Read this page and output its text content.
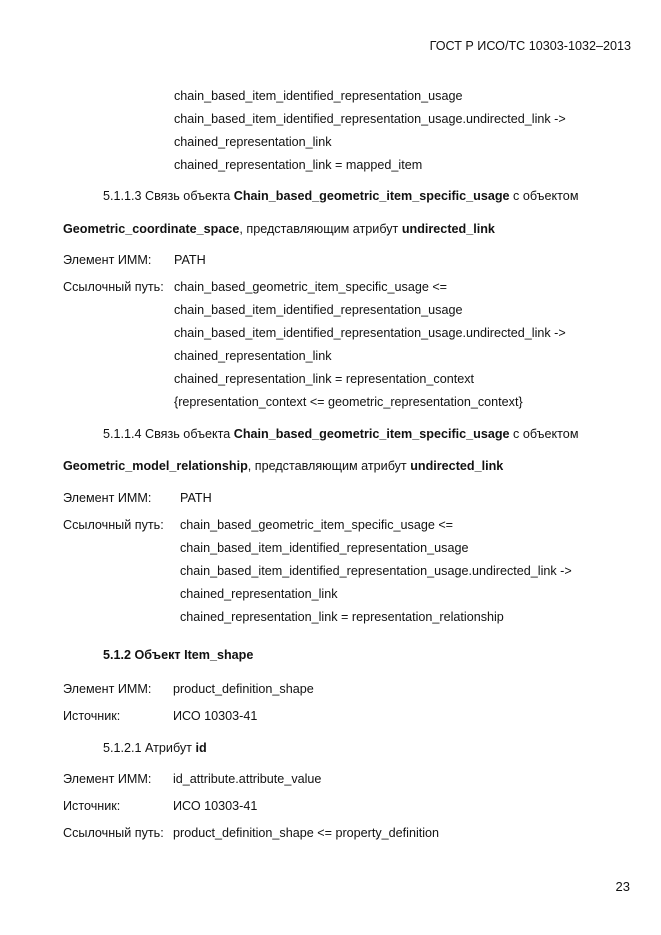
ГОСТ Р ИСО/ТС 10303-1032–2013
chain_based_item_identified_representation_usage
chain_based_item_identified_representation_usage.undirected_link ->
chained_representation_link
chained_representation_link = mapped_item
5.1.1.3 Связь объекта Chain_based_geometric_item_specific_usage с объектом
Geometric_coordinate_space, представляющим атрибут undirected_link
Элемент ИММ: PATH
Ссылочный путь: chain_based_geometric_item_specific_usage <=
chain_based_item_identified_representation_usage
chain_based_item_identified_representation_usage.undirected_link ->
chained_representation_link
chained_representation_link = representation_context
{representation_context <= geometric_representation_context}
5.1.1.4 Связь объекта Chain_based_geometric_item_specific_usage с объектом
Geometric_model_relationship, представляющим атрибут undirected_link
Элемент ИММ: PATH
Ссылочный путь: chain_based_geometric_item_specific_usage <=
chain_based_item_identified_representation_usage
chain_based_item_identified_representation_usage.undirected_link ->
chained_representation_link
chained_representation_link = representation_relationship
5.1.2 Объект Item_shape
Элемент ИММ: product_definition_shape
Источник:	ИСО 10303-41
5.1.2.1 Атрибут id
Элемент ИММ: id_attribute.attribute_value
Источник:	ИСО 10303-41
Ссылочный путь: product_definition_shape <= property_definition
23
